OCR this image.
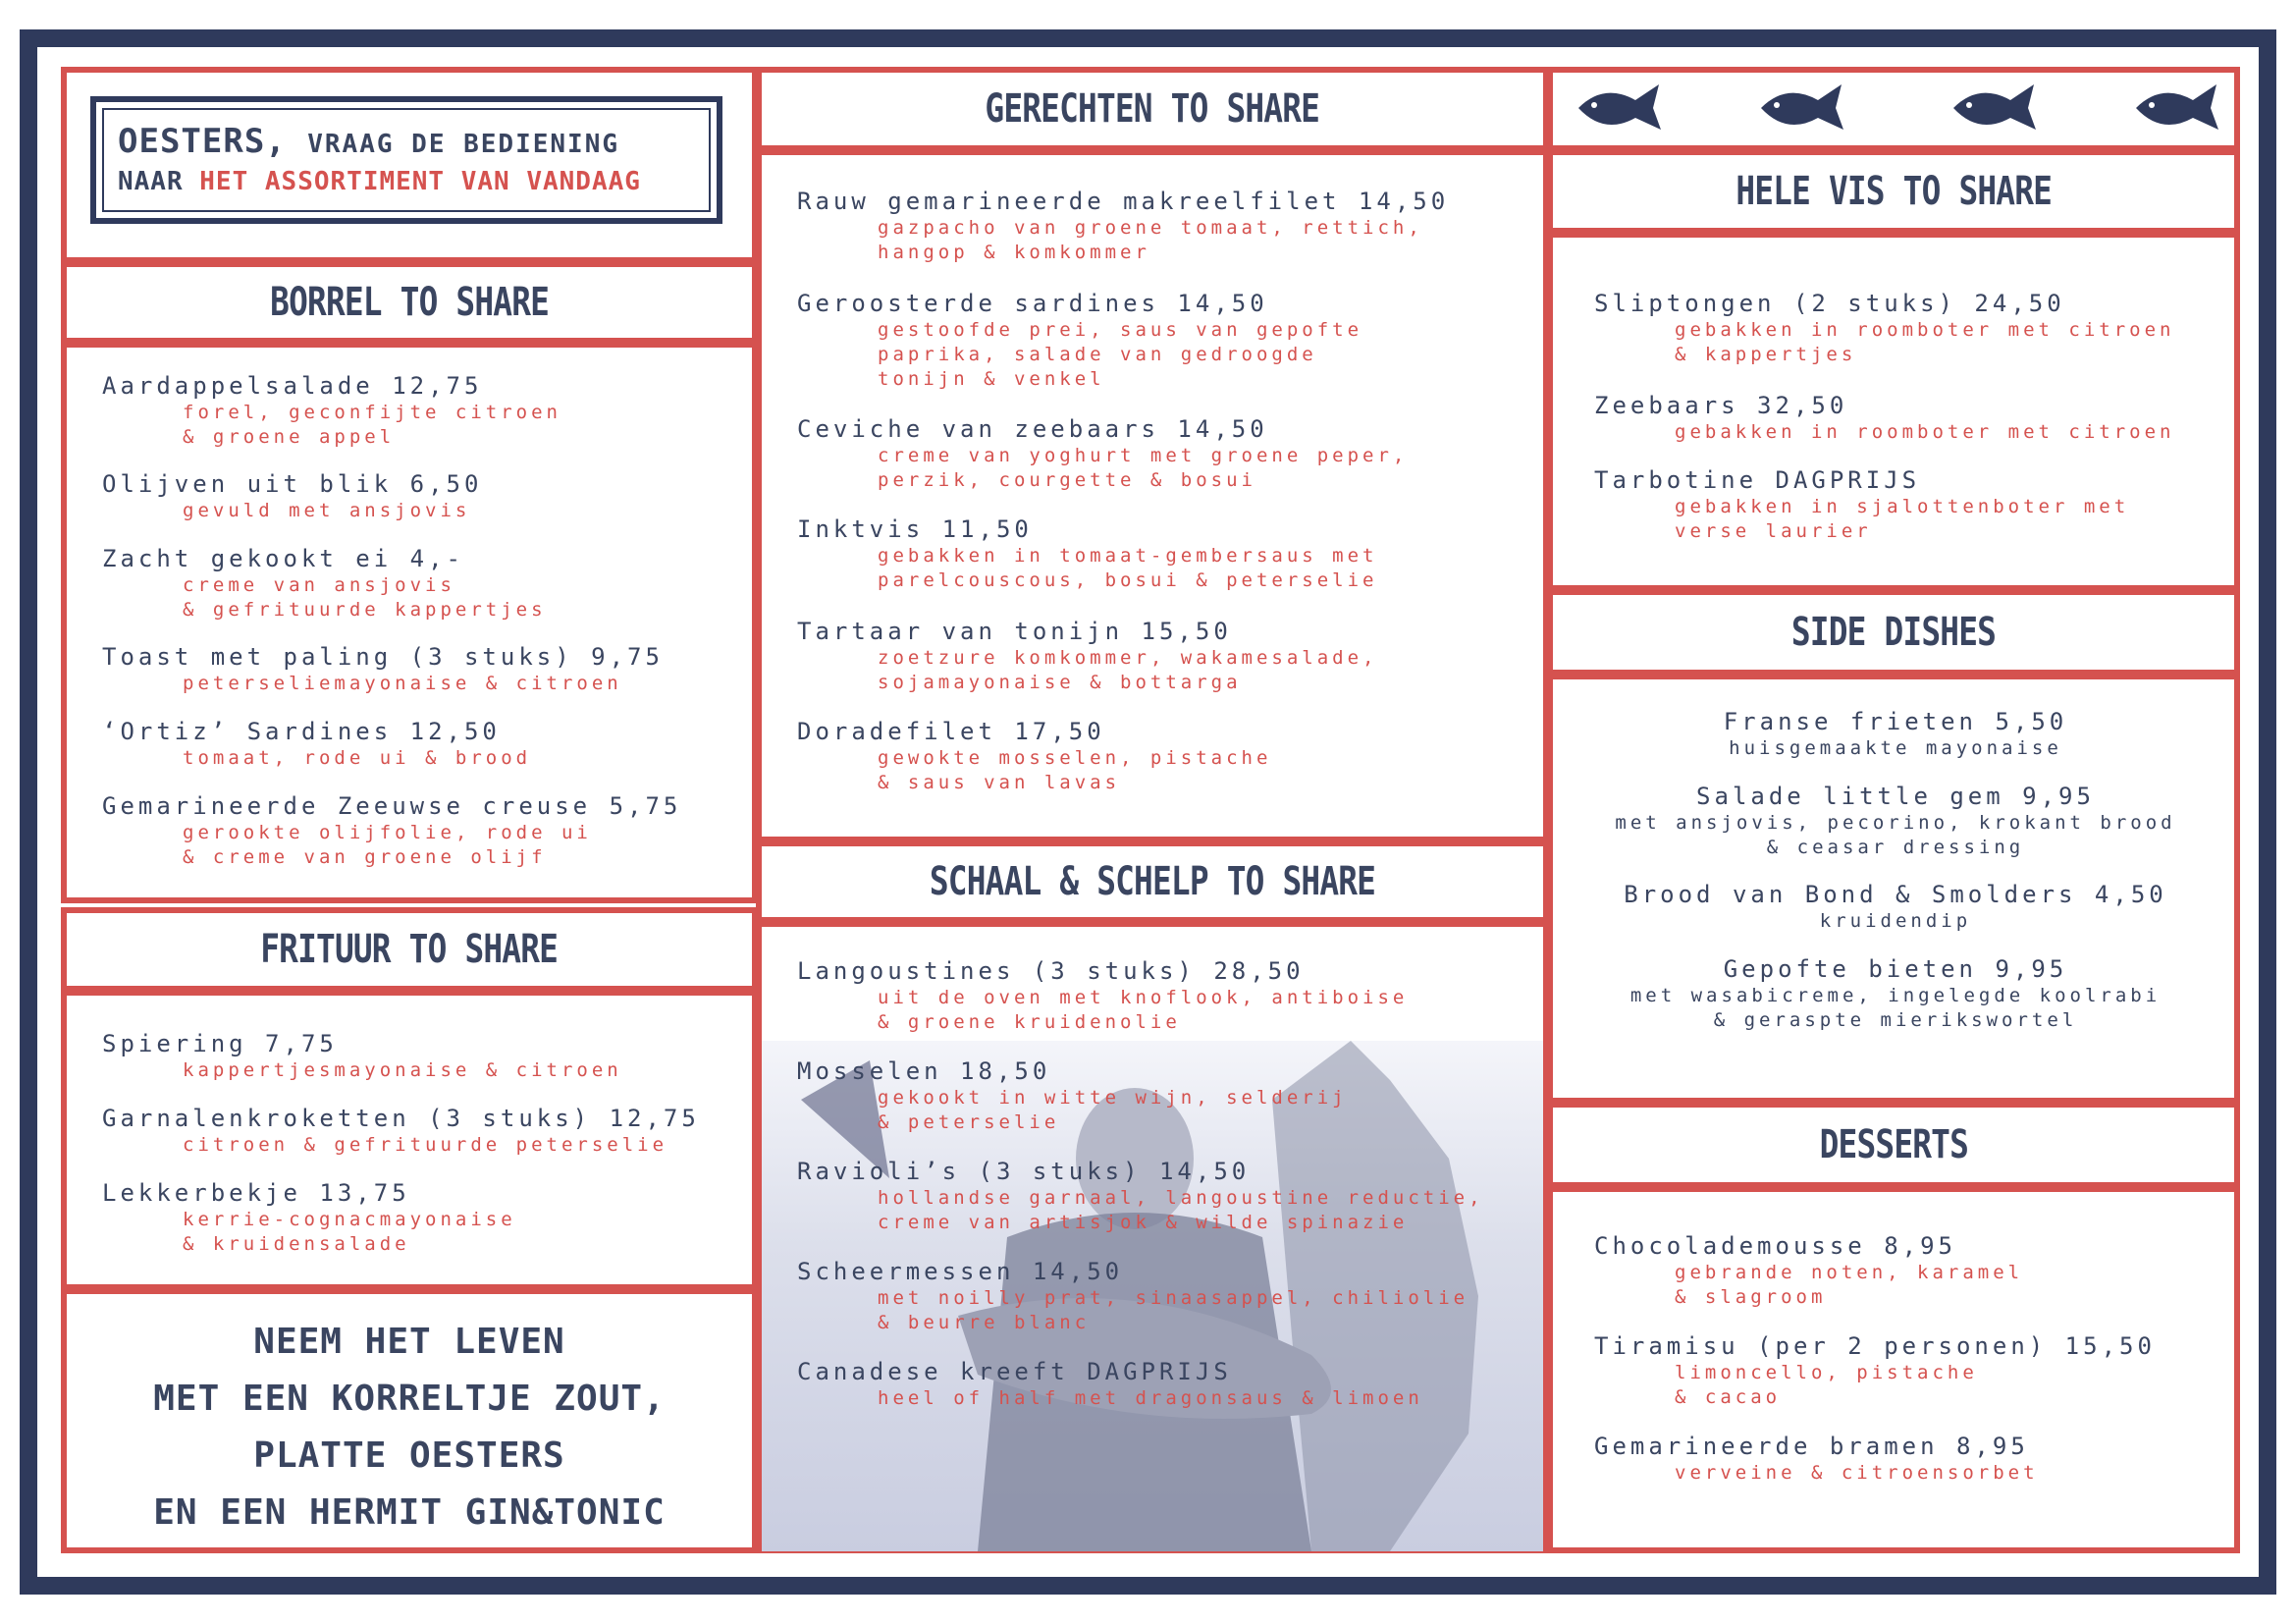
OESTERS, VRAAG DE BEDIENING
NAAR HET ASSORTIMENT VAN VANDAAG
BORREL TO SHARE
Aardappelsalade 12,75
forel, geconfijte citroen
& groene appel
Olijven uit blik 6,50
gevuld met ansjovis
Zacht gekookt ei 4,-
creme van ansjovis
& gefrituurde kappertjes
Toast met paling (3 stuks) 9,75
peterseliemayonaise & citroen
‘Ortiz’ Sardines 12,50
tomaat, rode ui & brood
Gemarineerde Zeeuwse creuse 5,75
gerookte olijfolie, rode ui
& creme van groene olijf
FRITUUR TO SHARE
Spiering 7,75
kappertjesmayonaise & citroen
Garnalenkroketten (3 stuks) 12,75
citroen & gefrituurde peterselie
Lekkerbekje 13,75
kerrie-cognacmayonaise
& kruidensalade
NEEM HET LEVEN
MET EEN KORRELTJE ZOUT,
PLATTE OESTERS
EN EEN HERMIT GIN&TONIC
GERECHTEN TO SHARE
Rauw gemarineerde makreelfilet 14,50
gazpacho van groene tomaat, rettich,
hangop & komkommer
Geroosterde sardines 14,50
gestoofde prei, saus van gepofte
paprika, salade van gedroogde
tonijn & venkel
Ceviche van zeebaars 14,50
creme van yoghurt met groene peper,
perzik, courgette & bosui
Inktvis 11,50
gebakken in tomaat-gembersaus met
parelcouscous, bosui & peterselie
Tartaar van tonijn 15,50
zoetzure komkommer, wakamesalade,
sojamayonaise & bottarga
Doradefilet 17,50
gewokte mosselen, pistache
& saus van lavas
SCHAAL & SCHELP TO SHARE
Langoustines (3 stuks) 28,50
uit de oven met knoflook, antiboise
& groene kruidenolie
Mosselen 18,50
gekookt in witte wijn, selderij
& peterselie
Ravioli’s (3 stuks) 14,50
hollandse garnaal, langoustine reductie,
creme van artisjok & wilde spinazie
Scheermessen 14,50
met noilly prat, sinaasappel, chiliolie
& beurre blanc
Canadese kreeft DAGPRIJS
heel of half met dragonsaus & limoen
HELE VIS TO SHARE
Sliptongen (2 stuks) 24,50
gebakken in roomboter met citroen
& kappertjes
Zeebaars 32,50
gebakken in roomboter met citroen
Tarbotine DAGPRIJS
gebakken in sjalottenboter met
verse laurier
SIDE DISHES
Franse frieten 5,50
huisgemaakte mayonaise
Salade little gem 9,95
met ansjovis, pecorino, krokant brood
& ceasar dressing
Brood van Bond & Smolders 4,50
kruidendip
Gepofte bieten 9,95
met wasabicreme, ingelegde koolrabi
& geraspte mierikswortel
DESSERTS
Chocolademousse 8,95
gebrande noten, karamel
& slagroom
Tiramisu (per 2 personen) 15,50
limoncello, pistache
& cacao
Gemarineerde bramen 8,95
verveine & citroensorbet
